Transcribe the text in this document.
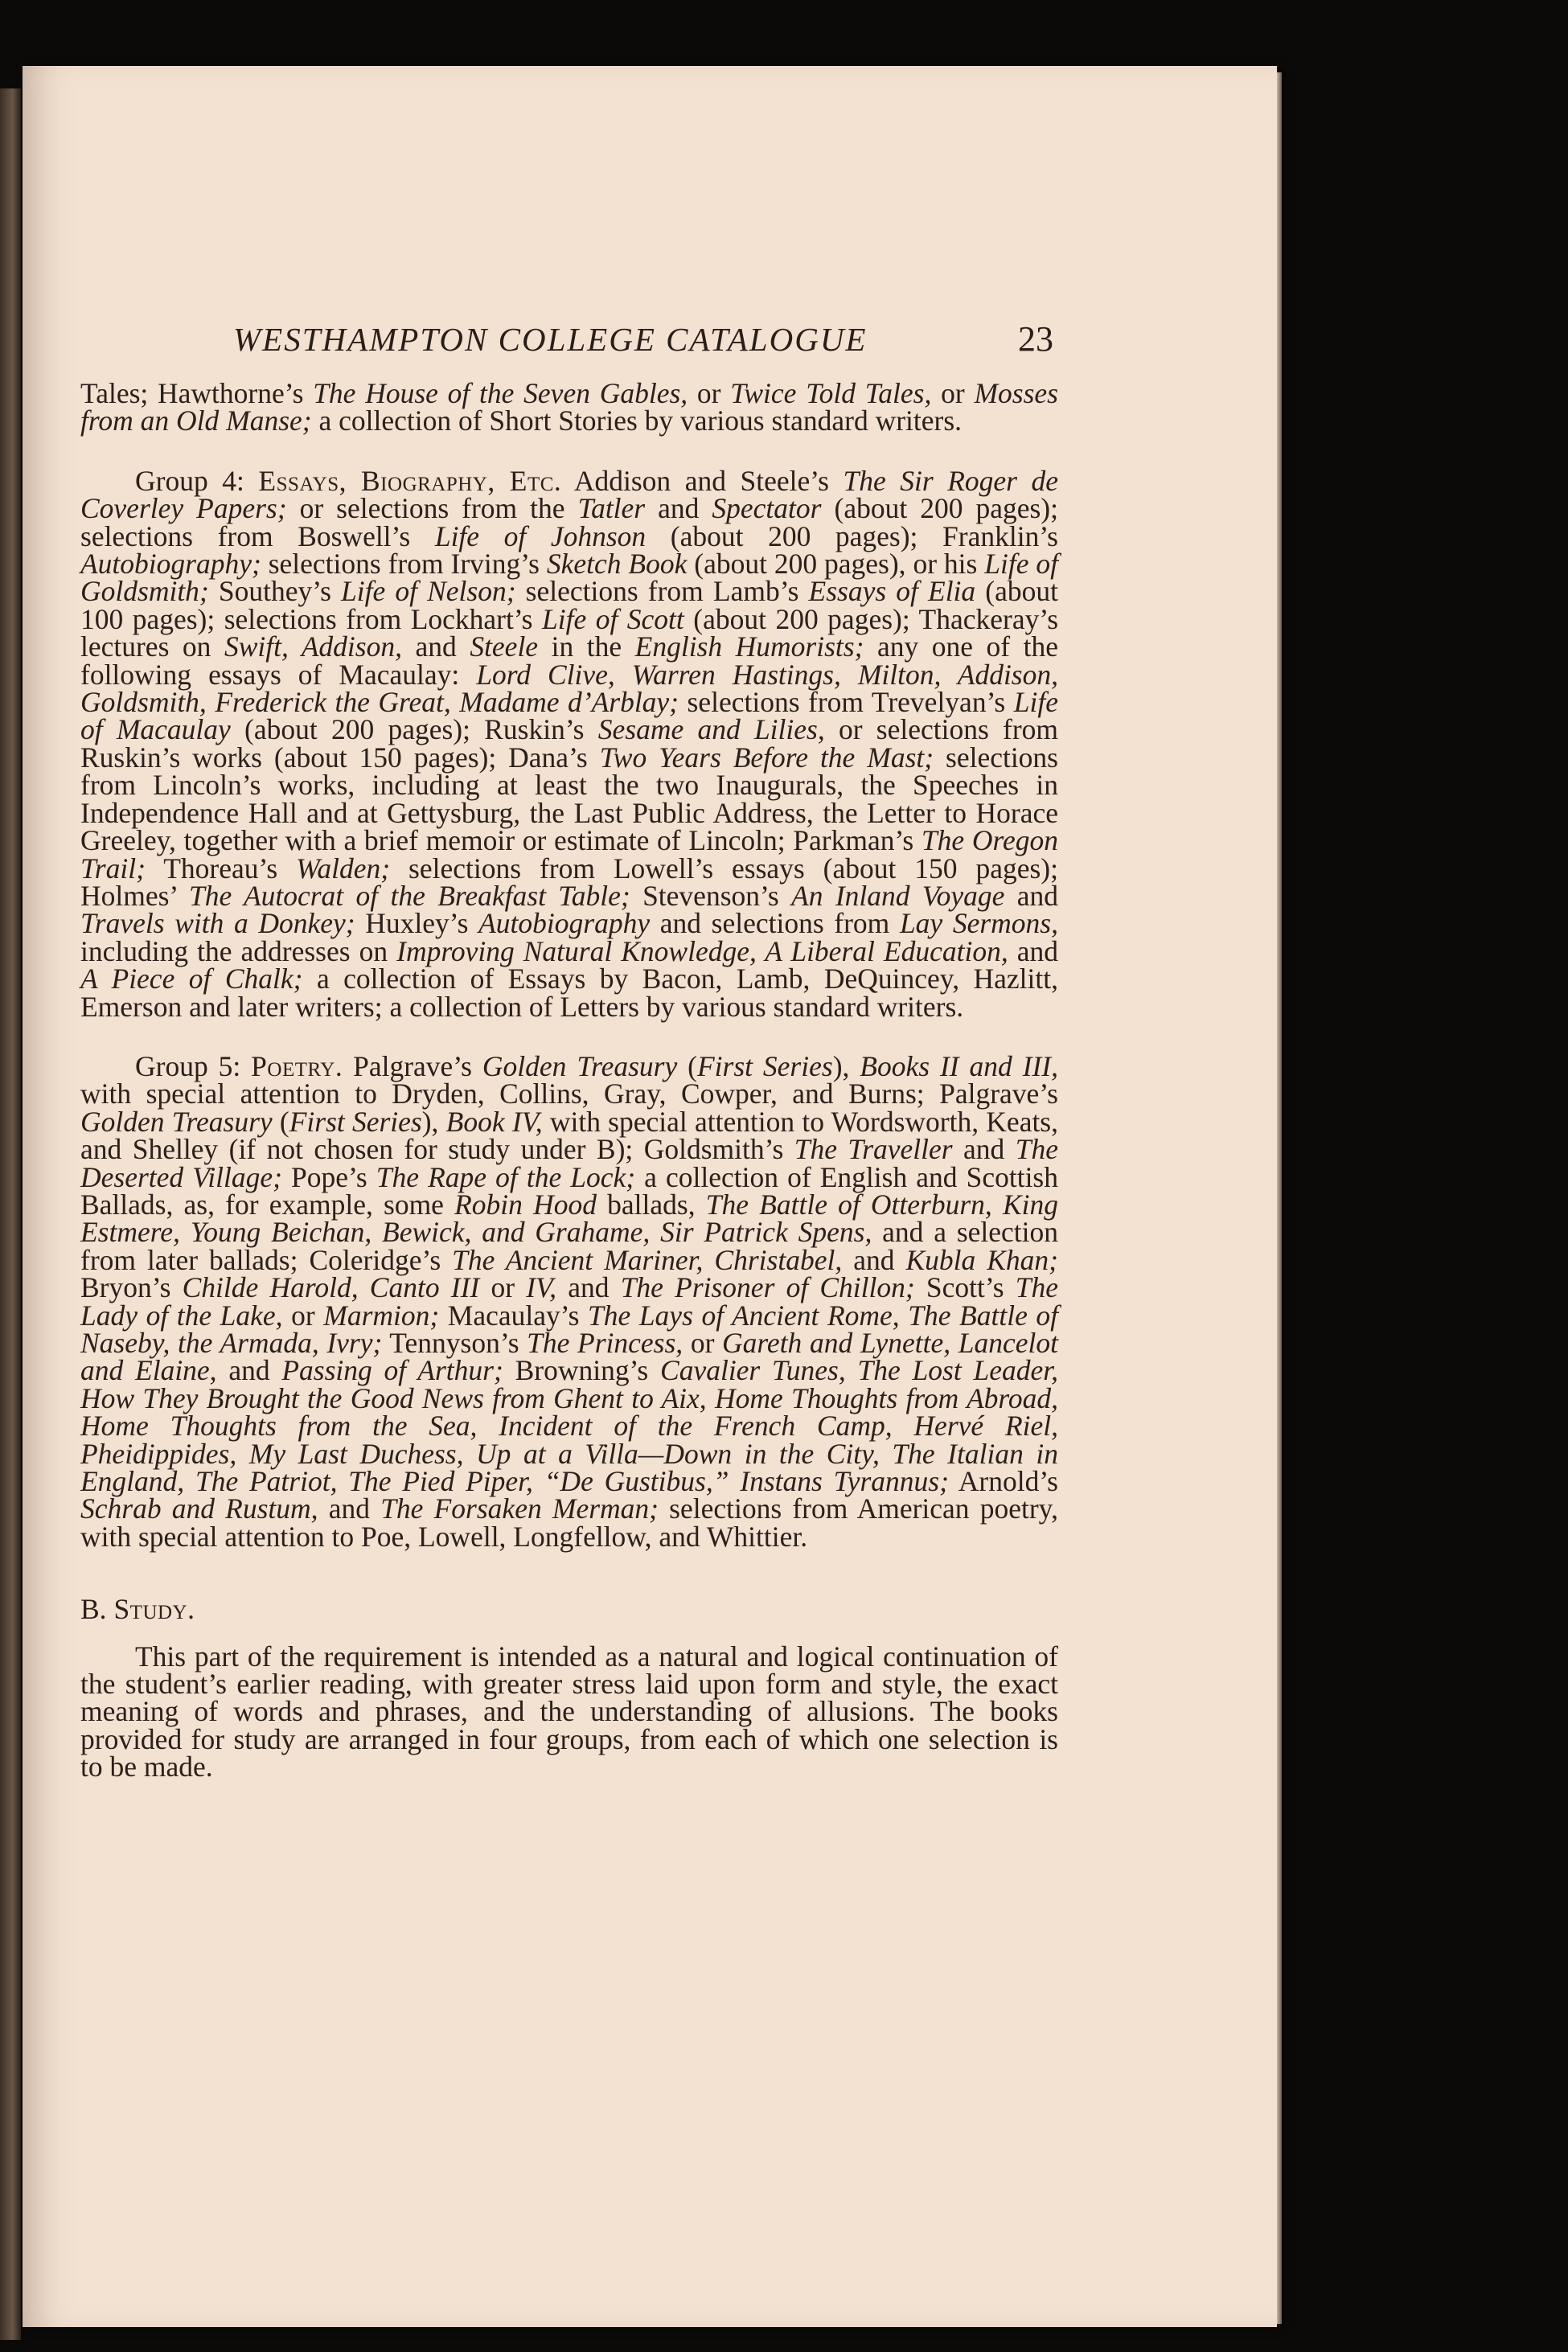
WESTHAMPTON COLLEGE CATALOGUE	23

Tales; Hawthorne’s The House of the Seven Gables, or Twice Told Tales, or Mosses from an Old Manse; a collection of Short Stories by various standard writers.

Group 4: Essays, Biography, Etc. Addison and Steele’s The Sir Roger de Coverley Papers; or selections from the Tatler and Spectator (about 200 pages); selections from Boswell’s Life of Johnson (about 200 pages); Franklin’s Autobiography; selections from Irving’s Sketch Book (about 200 pages), or his Life of Goldsmith; Southey’s Life of Nelson; selections from Lamb’s Essays of Elia (about 100 pages); selections from Lockhart’s Life of Scott (about 200 pages); Thackeray’s lectures on Swift, Addison, and Steele in the English Humorists; any one of the following essays of Macaulay: Lord Clive, Warren Hastings, Milton, Addison, Goldsmith, Frederick the Great, Madame d’Arblay; selections from Trevelyan’s Life of Macaulay (about 200 pages); Ruskin’s Sesame and Lilies, or selections from Ruskin’s works (about 150 pages); Dana’s Two Years Before the Mast; selections from Lincoln’s works, including at least the two Inaugurals, the Speeches in Independence Hall and at Gettysburg, the Last Public Address, the Letter to Horace Greeley, together with a brief memoir or estimate of Lincoln; Parkman’s The Oregon Trail; Thoreau’s Walden; selections from Lowell’s essays (about 150 pages); Holmes’ The Autocrat of the Breakfast Table; Stevenson’s An Inland Voyage and Travels with a Donkey; Huxley’s Autobiography and selections from Lay Sermons, including the addresses on Improving Natural Knowledge, A Liberal Education, and A Piece of Chalk; a collection of Essays by Bacon, Lamb, DeQuincey, Hazlitt, Emerson and later writers; a collection of Letters by various standard writers.

Group 5: Poetry. Palgrave’s Golden Treasury (First Series), Books II and III, with special attention to Dryden, Collins, Gray, Cowper, and Burns; Palgrave’s Golden Treasury (First Series), Book IV, with special attention to Wordsworth, Keats, and Shelley (if not chosen for study under B); Goldsmith’s The Traveller and The Deserted Village; Pope’s The Rape of the Lock; a collection of English and Scottish Ballads, as, for example, some Robin Hood ballads, The Battle of Otterburn, King Estmere, Young Beichan, Bewick, and Grahame, Sir Patrick Spens, and a selection from later ballads; Coleridge’s The Ancient Mariner, Christabel, and Kubla Khan; Bryon’s Childe Harold, Canto III or IV, and The Prisoner of Chillon; Scott’s The Lady of the Lake, or Marmion; Macaulay’s The Lays of Ancient Rome, The Battle of Naseby, the Armada, Ivry; Tennyson’s The Princess, or Gareth and Lynette, Lancelot and Elaine, and Passing of Arthur; Browning’s Cavalier Tunes, The Lost Leader, How They Brought the Good News from Ghent to Aix, Home Thoughts from Abroad, Home Thoughts from the Sea, Incident of the French Camp, Hervé Riel, Pheidippides, My Last Duchess, Up at a Villa—Down in the City, The Italian in England, The Patriot, The Pied Piper, “De Gustibus,” Instans Tyrannus; Arnold’s Schrab and Rustum, and The Forsaken Merman; selections from American poetry, with special attention to Poe, Lowell, Longfellow, and Whittier.

B. Study.

This part of the requirement is intended as a natural and logical continuation of the student’s earlier reading, with greater stress laid upon form and style, the exact meaning of words and phrases, and the understanding of allusions. The books provided for study are arranged in four groups, from each of which one selection is to be made.
